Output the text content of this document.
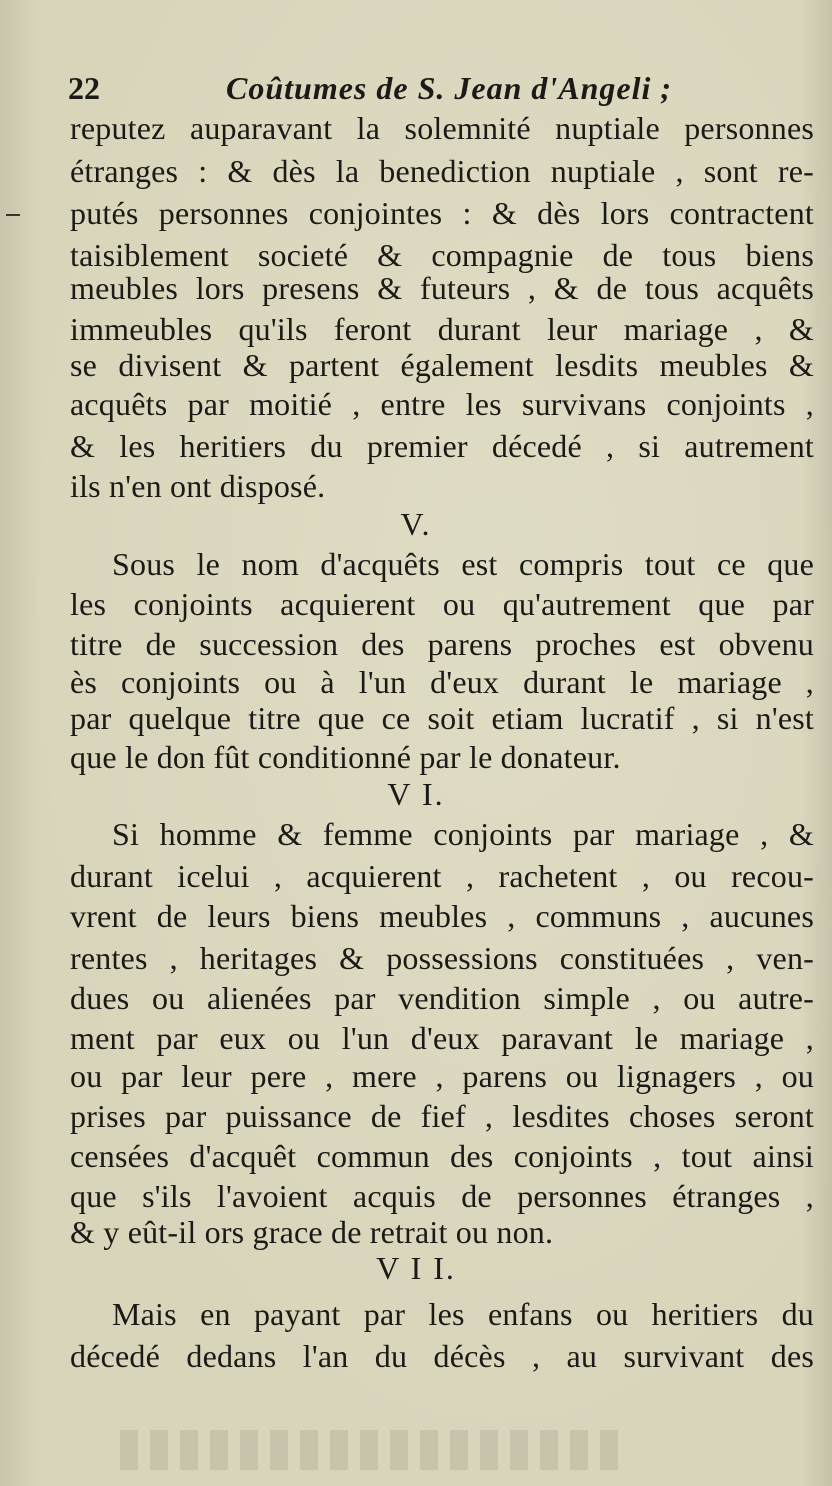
22	Coûtumes de S. Jean d'Angeli ;
reputez auparavant la solemnité nuptiale personnes
étranges : & dès la benediction nuptiale , sont re-
putés personnes conjointes : & dès lors contractent
taisiblement societé & compagnie de tous biens
meubles lors presens & futeurs , & de tous acquêts
immeubles qu'ils feront durant leur mariage , &
se divisent & partent également lesdits meubles &
acquêts par moitié , entre les survivans conjoints ,
& les heritiers du premier décedé , si autrement
ils n'en ont disposé.
V.
Sous le nom d'acquêts est compris tout ce que
les conjoints acquierent ou qu'autrement que par
titre de succession des parens proches est obvenu
ès conjoints ou à l'un d'eux durant le mariage ,
par quelque titre que ce soit etiam lucratif , si n'est
que le don fût conditionné par le donateur.
V I.
Si homme & femme conjoints par mariage , &
durant icelui , acquierent , rachetent , ou recou-
vrent de leurs biens meubles , communs , aucunes
rentes , heritages & possessions constituées , ven-
dues ou alienées par vendition simple , ou autre-
ment par eux ou l'un d'eux paravant le mariage ,
ou par leur pere , mere , parens ou lignagers , ou
prises par puissance de fief , lesdites choses seront
censées d'acquêt commun des conjoints , tout ainsi
que s'ils l'avoient acquis de personnes étranges ,
& y eût-il ors grace de retrait ou non.
V I I.
Mais en payant par les enfans ou heritiers du
décedé dedans l'an du décès , au survivant des
